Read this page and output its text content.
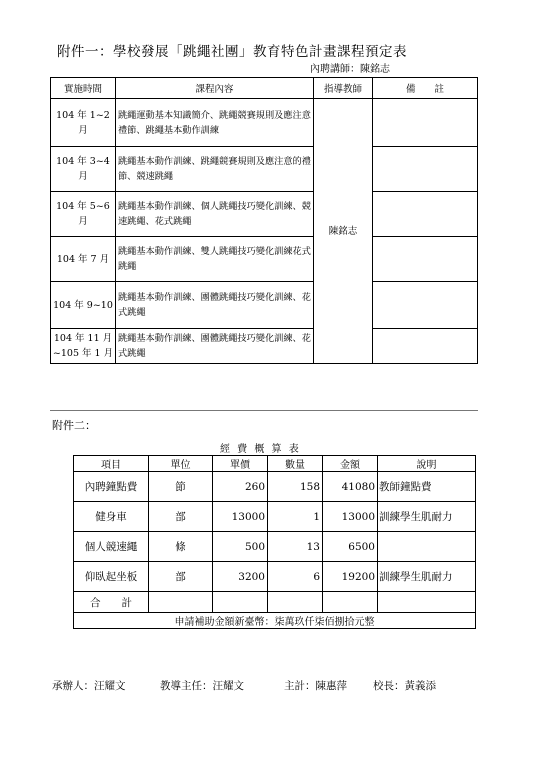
附件一：學校發展「跳繩社團」教育特色計畫課程預定表
內聘講師：陳銘志
實施時間	課程內容	指導教師	備　　註
104 年 1~2 月	跳繩運動基本知識簡介、跳繩競賽規則及應注意禮節、跳繩基本動作訓練	陳銘志	
104 年 3~4 月	跳繩基本動作訓練、跳繩競賽規則及應注意的禮節、競速跳繩		
104 年 5~6 月	跳繩基本動作訓練、個人跳繩技巧變化訓練、競速跳繩、花式跳繩		
104 年 7 月	跳繩基本動作訓練、雙人跳繩技巧變化訓練花式跳繩		
104 年 9~10	跳繩基本動作訓練、團體跳繩技巧變化訓練、花式跳繩		
104 年 11 月 ~105 年 1 月	跳繩基本動作訓練、團體跳繩技巧變化訓練、花式跳繩		
附件二：
經 費 概 算 表
項目	單位	單價	數量	金額	說明
內聘鐘點費	節	260	158	41080	教師鐘點費
健身車	部	13000	1	13000	訓練學生肌耐力
個人競速繩	條	500	13	6500	
仰臥起坐板	部	3200	6	19200	訓練學生肌耐力
合　　計					
申請補助金額新臺幣：柒萬玖仟柒佰捌拾元整					
承辦人：汪耀文	教導主任：汪耀文	主計：陳惠萍 校長：黃義添
